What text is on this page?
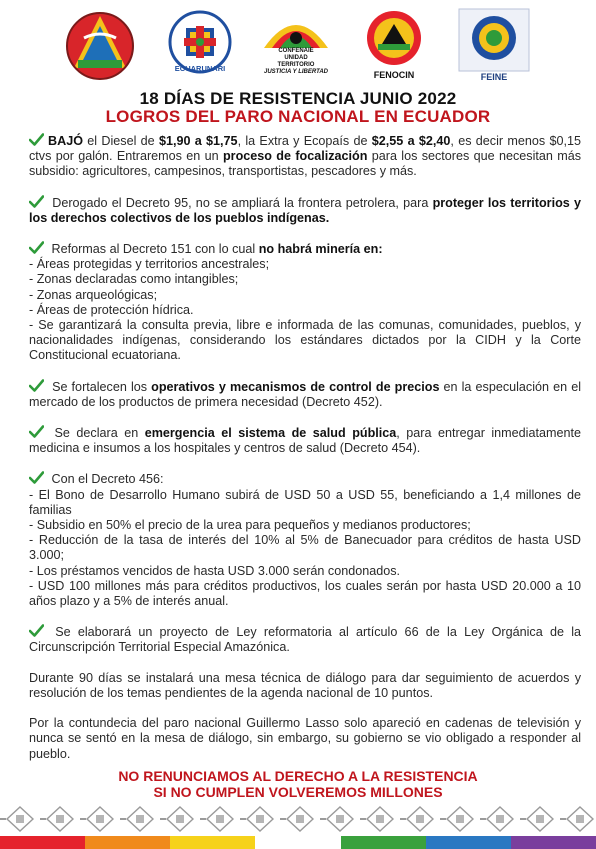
ECUARUNARI
CONFENAIE
UNIDAD
TERRITORIO
JUSTICIA Y LIBERTAD	FENOCIN	FEINE
18 DÍAS DE RESISTENCIA JUNIO 2022
LOGROS DEL PARO NACIONAL EN ECUADOR
BAJÓ el Diesel de $1,90 a $1,75, la Extra y Ecopaís de $2,55 a $2,40, es decir menos $0,15 ctvs por galón. Entraremos en un proceso de focalización para los sectores que necesitan más subsidio: agricultores, campesinos, transportistas, pescadores y más.
Derogado el Decreto 95, no se ampliará la frontera petrolera, para proteger los territorios y los derechos colectivos de los pueblos indígenas.
Reformas al Decreto 151 con lo cual no habrá minería en:
- Áreas protegidas y territorios ancestrales;
- Zonas declaradas como intangibles;
- Zonas arqueológicas;
- Áreas de protección hídrica.
- Se garantizará la consulta previa, libre e informada de las comunas, comunidades, pueblos, y nacionalidades indígenas, considerando los estándares dictados por la CIDH y la Corte Constitucional ecuatoriana.
Se fortalecen los operativos y mecanismos de control de precios en la especulación en el mercado de los productos de primera necesidad (Decreto 452).
Se declara en emergencia el sistema de salud pública, para entregar inmediatamente medicina e insumos a los hospitales y centros de salud (Decreto 454).
Con el Decreto 456:
- El Bono de Desarrollo Humano subirá de USD 50 a USD 55, beneficiando a 1,4 millones de familias
- Subsidio en 50% el precio de la urea para pequeños y medianos productores;
- Reducción de la tasa de interés del 10% al 5% de Banecuador para créditos de hasta USD 3.000;
- Los préstamos vencidos de hasta USD 3.000 serán condonados.
- USD 100 millones más para créditos productivos, los cuales serán por hasta USD 20.000 a 10 años plazo y a 5% de interés anual.
Se elaborará un proyecto de Ley reformatoria al artículo 66 de la Ley Orgánica de la Circunscripción Territorial Especial Amazónica.
Durante 90 días se instalará una mesa técnica de diálogo para dar seguimiento de acuerdos y resolución de los temas pendientes de la agenda nacional de 10 puntos.
Por la contundecia del paro nacional Guillermo Lasso solo apareció en cadenas de televisión y nunca se sentó en la mesa de diálogo, sin embargo, su gobierno se vio obligado a responder al pueblo.
NO RENUNCIAMOS AL DERECHO A LA RESISTENCIA
SI NO CUMPLEN VOLVEREMOS MILLONES
